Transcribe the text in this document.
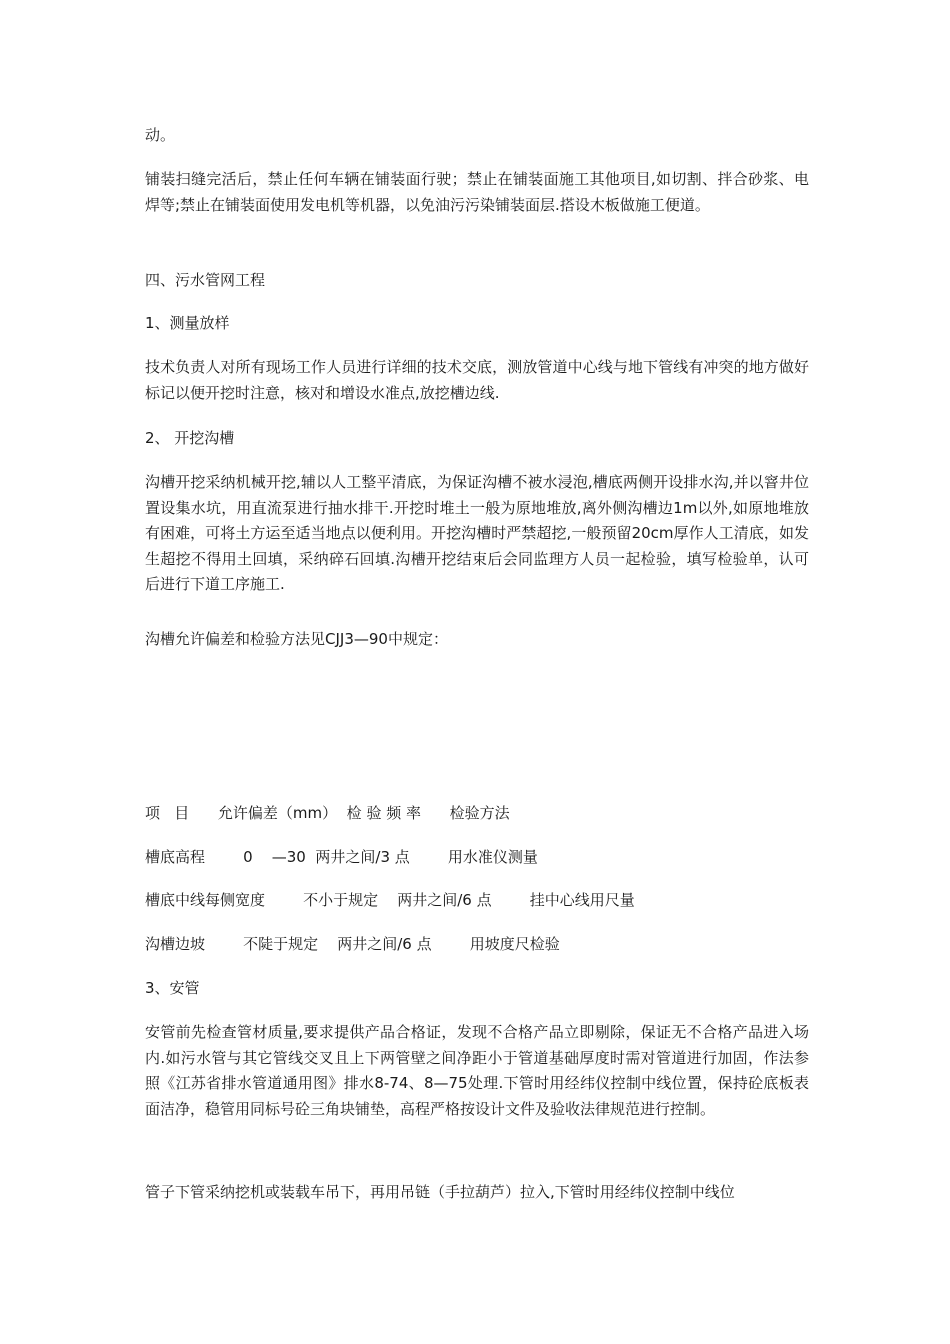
动。

铺装扫缝完活后，禁止任何车辆在铺装面行驶；禁止在铺装面施工其他项目,如切割、拌合砂浆、电焊等;禁止在铺装面使用发电机等机器，以免油污污染铺装面层.搭设木板做施工便道。

四、污水管网工程

1、测量放样

技术负责人对所有现场工作人员进行详细的技术交底，测放管道中心线与地下管线有冲突的地方做好标记以便开挖时注意，核对和增设水准点,放挖槽边线.

2、 开挖沟槽

沟槽开挖采纳机械开挖,辅以人工整平清底，为保证沟槽不被水浸泡,槽底两侧开设排水沟,并以窨井位置设集水坑，用直流泵进行抽水排干.开挖时堆土一般为原地堆放,离外侧沟槽边1m以外,如原地堆放有困难，可将土方运至适当地点以便利用。开挖沟槽时严禁超挖,一般预留20cm厚作人工清底，如发生超挖不得用土回填，采纳碎石回填.沟槽开挖结束后会同监理方人员一起检验，填写检验单，认可后进行下道工序施工.

沟槽允许偏差和检验方法见CJJ3—90中规定：

项   目      允许偏差（mm）  检 验 频 率      检验方法
槽底高程        0    —30  两井之间/3 点        用水准仪测量
槽底中线每侧宽度        不小于规定    两井之间/6 点        挂中心线用尺量
沟槽边坡        不陡于规定    两井之间/6 点        用坡度尺检验

3、安管

安管前先检查管材质量,要求提供产品合格证，发现不合格产品立即剔除，保证无不合格产品进入场内.如污水管与其它管线交叉且上下两管壁之间净距小于管道基础厚度时需对管道进行加固，作法参照《江苏省排水管道通用图》排水8-74、8—75处理.下管时用经纬仪控制中线位置，保持砼底板表面洁净，稳管用同标号砼三角块铺垫，高程严格按设计文件及验收法律规范进行控制。

管子下管采纳挖机或装载车吊下，再用吊链（手拉葫芦）拉入,下管时用经纬仪控制中线位
